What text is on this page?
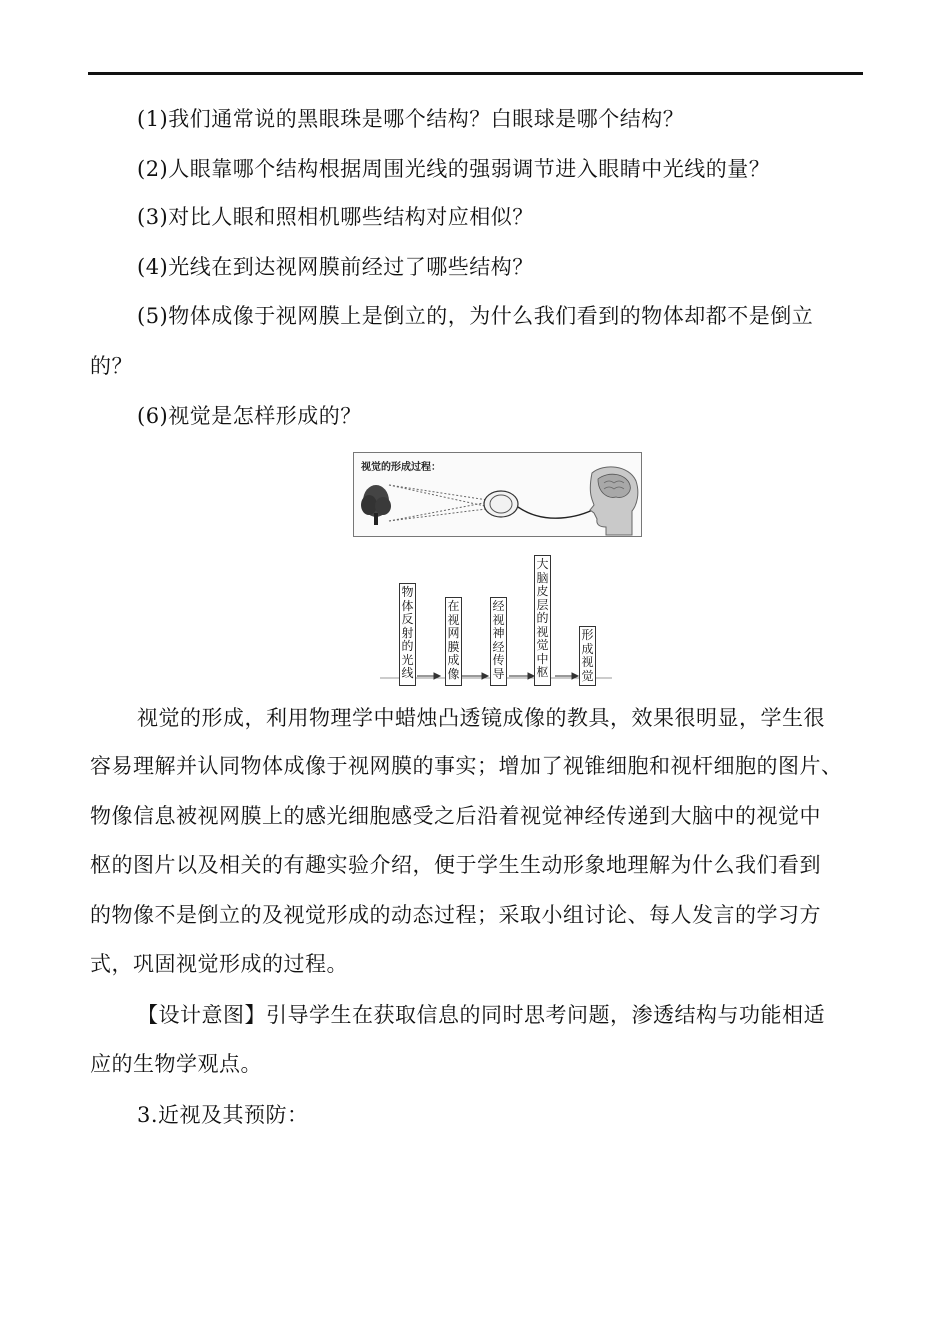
(1)我们通常说的黑眼珠是哪个结构？白眼球是哪个结构？
(2)人眼靠哪个结构根据周围光线的强弱调节进入眼睛中光线的量？
(3)对比人眼和照相机哪些结构对应相似？
(4)光线在到达视网膜前经过了哪些结构？
(5)物体成像于视网膜上是倒立的，为什么我们看到的物体却都不是倒立
的？
(6)视觉是怎样形成的？
视觉的形成过程：
物
体
反
射
的
光
线
在
视
网
膜
成
像
经
视
神
经
传
导
大
脑
皮
层
的
视
觉
中
枢
形
成
视
觉
视觉的形成，利用物理学中蜡烛凸透镜成像的教具，效果很明显，学生很
容易理解并认同物体成像于视网膜的事实；增加了视锥细胞和视杆细胞的图片、
物像信息被视网膜上的感光细胞感受之后沿着视觉神经传递到大脑中的视觉中
枢的图片以及相关的有趣实验介绍，便于学生生动形象地理解为什么我们看到
的物像不是倒立的及视觉形成的动态过程；采取小组讨论、每人发言的学习方
式，巩固视觉形成的过程。
【设计意图】引导学生在获取信息的同时思考问题，渗透结构与功能相适
应的生物学观点。
3.近视及其预防：
